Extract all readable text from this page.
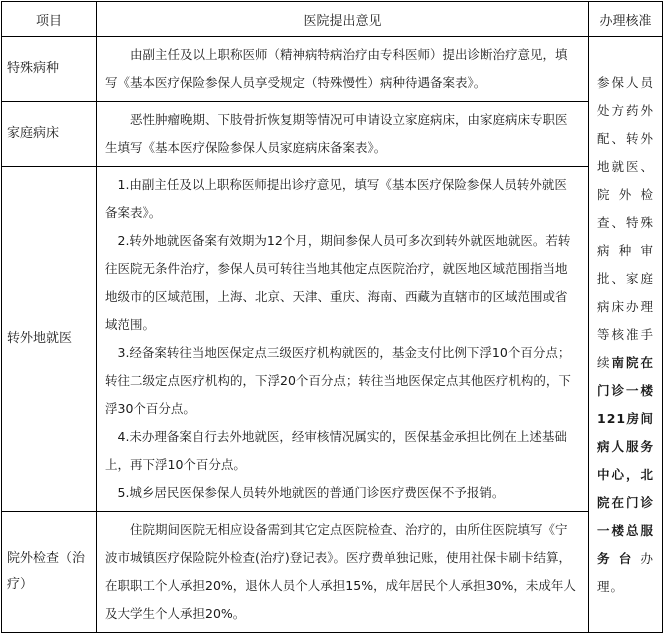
项目	医院提出意见	办理核准
特殊病种	由副主任及以上职称医师（精神病特病治疗由专科医师）提出诊断治疗意见，填写《基本医疗保险参保人员享受规定（特殊慢性）病种待遇备案表》。	参保人员处方药外配、转外地就医、院外检查、特殊病种审批、家庭病床办理等核准手续南院在门诊一楼121房间病人服务中心，北院在门诊一楼总服务台办理。
家庭病床	恶性肿瘤晚期、下肢骨折恢复期等情况可申请设立家庭病床，由家庭病床专职医生填写《基本医疗保险参保人员家庭病床备案表》。	

转外地就医	1.由副主任及以上职称医师提出诊疗意见，填写《基本医疗保险参保人员转外就医备案表》。

2.转外地就医备案有效期为12个月，期间参保人员可多次到转外就医地就医。若转往医院无条件治疗，参保人员可转往当地其他定点医院治疗，就医地区域范围指当地地级市的区域范围，上海、北京、天津、重庆、海南、西藏为直辖市的区域范围或省域范围。

3.经备案转往当地医保定点三级医疗机构就医的，基金支付比例下浮10个百分点；转往二级定点医疗机构的，下浮20个百分点；转往当地医保定点其他医疗机构的，下浮30个百分点。

4.未办理备案自行去外地就医，经审核情况属实的，医保基金承担比例在上述基础上，再下浮10个百分点。

5.城乡居民医保参保人员转外地就医的普通门诊医疗费医保不予报销。	

院外检查（治疗）	住院期间医院无相应设备需到其它定点医院检查、治疗的，由所住医院填写《宁波市城镇医疗保险院外检查(治疗)登记表》。医疗费单独记账，使用社保卡刷卡结算，在职职工个人承担20%，退休人员个人承担15%，成年居民个人承担30%，未成年人及大学生个人承担20%。	
